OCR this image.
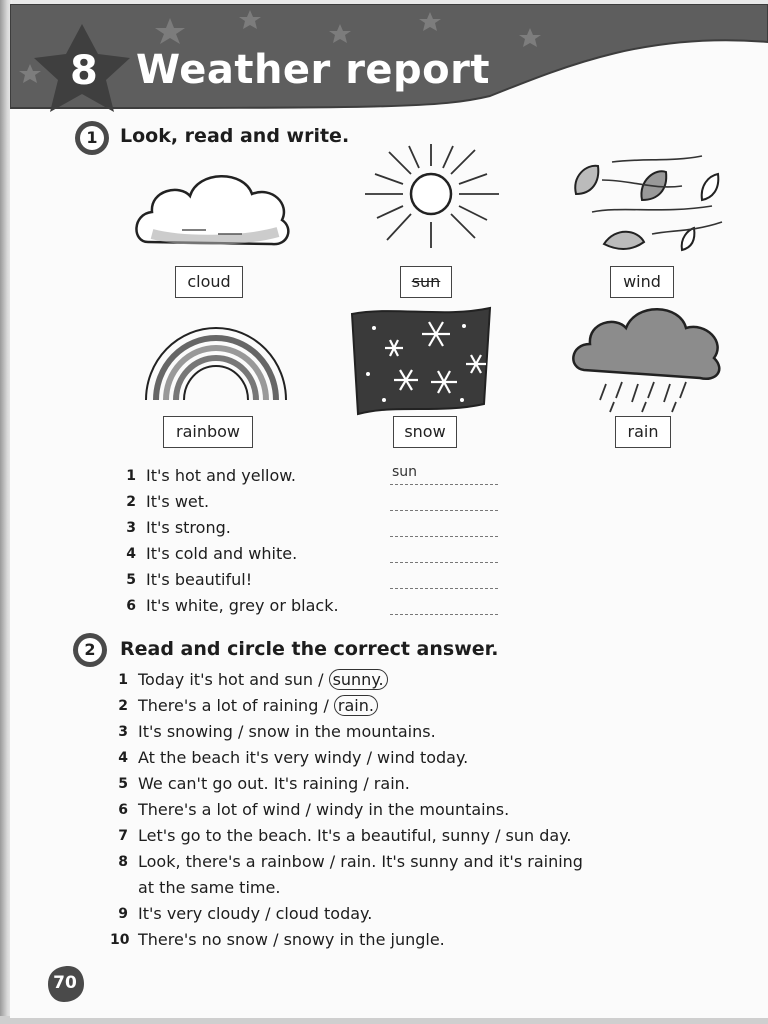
8 Weather report
1	Look, read and write.
cloud	sun	wind
rainbow	snow	rain
1 It's hot and yellow.
2 It's wet.
3 It's strong.
4 It's cold and white.
5 It's beautiful!
6 It's white, grey or black.
sun
2	Read and circle the correct answer.
1 Today it's hot and sun / sunny.
2 There's a lot of raining / rain.
3 It's snowing / snow in the mountains.
4 At the beach it's very windy / wind today.
5 We can't go out. It's raining / rain.
6 There's a lot of wind / windy in the mountains.
7 Let's go to the beach. It's a beautiful, sunny / sun day.
8 Look, there's a rainbow / rain. It's sunny and it's raining
at the same time.
9 It's very cloudy / cloud today.
10 There's no snow / snowy in the jungle.
70
